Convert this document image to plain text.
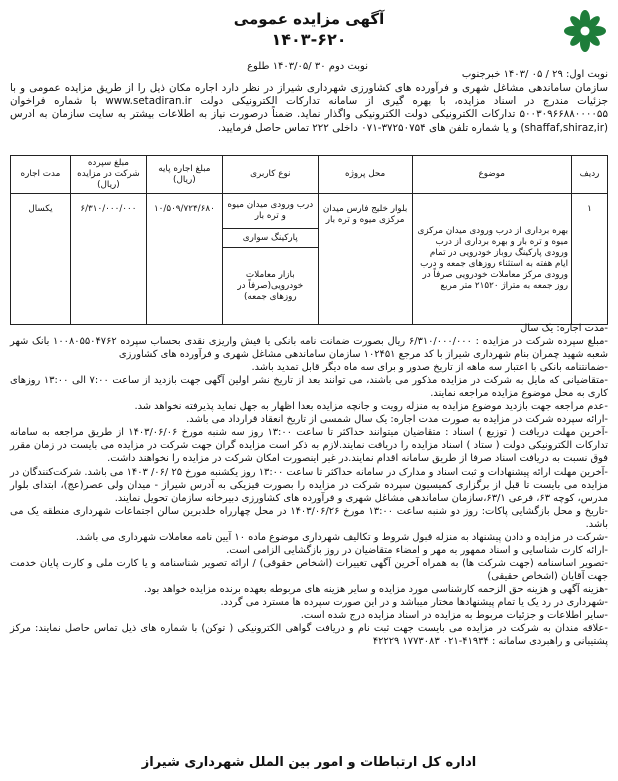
آگهی مزایده عمومی
۱۴۰۳-۶۲۰
نوبت اول: ۲۹ / ۰۵ /۱۴۰۳ خبرجنوب
نوبت دوم ۳۰ /۱۴۰۳/۰۵ طلوع
سازمان ساماندهی مشاغل شهری و فرآورده های کشاورزی شهرداری شیراز در نظر دارد اجاره مکان ذیل را از طریق مزایده عمومی و با جزئیات مندرج در اسناد مزایده، با بهره گیری از سامانه تدارکات الکترونیکی دولت www.setadiran.ir با شماره فراخوان ۵۰۰۳۰۹۶۶۸۸۰۰۰۰۵۵ تدارکات الکترونیکی دولت الکترونیکی واگذار نماید. ضمناً درصورت نیاز به اطلاعات بیشتر به سایت سازمان به ادرس (shaffaf,shiraz,ir) و یا شماره تلفن های ۳۷۲۵۰۷۵۴-۰۷۱ داخلی ۲۲۲ تماس حاصل فرمایید.
ردیف	موضوع	محل پروژه	نوع کاربری	مبلغ اجاره پایه (ریال)	مبلغ سپرده شرکت در مزایده (ریال)	مدت اجاره
۱	بهره برداری از درب ورودی میدان مرکزی میوه و تره بار و بهره برداری از درب ورودی پارکینگ روباز خودرویی در تمام ایام هفته به استثناء روزهای جمعه و درب ورودی مرکز معاملات خودرویی صرفاً در روز جمعه به متراژ ۲۱۵۲۰ متر مربع	بلوار خلیج فارس میدان مرکزی میوه و تره بار	درب ورودی میدان میوه و تره بار	۱۰/۵۰۹/۷۲۴/۶۸۰	۶/۳۱۰/۰۰۰/۰۰۰	یکسال
			پارکینگ سواری			
			بازار معاملات خودرویی(صرفاً در روزهای جمعه)			

-مدت اجاره: یک سال

-مبلغ سپرده شرکت در مزایده : ۶/۳۱۰/۰۰۰/۰۰۰ ریال بصورت ضمانت نامه بانکی یا فیش واریزی نقدی بحساب سپرده ۱۰۰۸۰۵۵۰۴۷۶۲ بانک شهر شعبه شهید چمران بنام شهرداری شیراز با کد مرجع ۱۰۲۴۵۱ سازمان ساماندهی مشاغل شهری و فرآورده های کشاورزی

-ضمانتنامه بانکی با اعتبار سه ماهه از تاریخ صدور و برای سه ماه دیگر قابل تمدید باشد.

-متقاضیانی که مایل به شرکت در مزایده مذکور می باشند، می توانند بعد از تاریخ نشر اولین آگهی جهت بازدید از ساعت ۷:۰۰ الی ۱۳:۰۰ روزهای کاری به محل موضوع مزایده مراجعه نمایند.

-عدم مراجعه جهت بازدید موضوع مزایده به منزله رویت و جانچه مزایده بعدا اظهار به جهل نماید پذیرفته نخواهد شد.

-ارائه سپرده شرکت در مزایده به صورت مدت اجاره: یک سال شمسی از تاریخ انعقاد قرارداد می باشد.

-آخرین مهلت دریافت ( توزیع ) اسناد : متقاضیان میتوانند حداکثر تا ساعت ۱۳:۰۰ روز سه شنبه مورخ ۱۴۰۳/۰۶/۰۶ از طریق مراجعه به سامانه تدارکات الکترونیکی دولت ( ستاد ) اسناد مزایده را دریافت نمایند.لازم به ذکر است مزایده گران جهت شرکت در مزایده می بایست در زمان مقرر فوق نسبت به دریافت اسناد صرفا از طریق سامانه اقدام نمایند.در غیر اینصورت امکان شرکت در مزایده را نخواهند داشت.

-آخرین مهلت ارائه پیشنهادات و ثبت اسناد و مدارک در سامانه حداکثر تا ساعت ۱۳:۰۰ روز یکشنبه مورخ ۲۵ /۰۶/ ۱۴۰۳ می باشد. شرکت‌کنندگان در مزایده می بایست تا قبل از برگزاری کمیسیون سپرده شرکت در مزایده را بصورت فیزیکی به آدرس شیراز - میدان ولی عصر(عج)، ابتدای بلوار مدرس، کوچه ۶۳، فرعی ۶۳/۱،سازمان ساماندهی مشاغل شهری و فرآورده های کشاورزی دبیرخانه سازمان تحویل نمایند.

-تاریخ و محل بازگشایی پاکات: روز دو شنبه ساعت ۱۳:۰۰ مورخ ۱۴۰۳/۰۶/۲۶ در محل چهارراه خلدبرین سالن اجتماعات شهرداری منطقه یک می باشد.

-شرکت در مزایده و دادن پیشنهاد به منزله قبول شروط و تکالیف شهرداری موضوع ماده ۱۰ آیین نامه معاملات شهرداری می باشد.

-ارائه کارت شناسایی و اسناد ممهور به مهر و امضاء متقاضیان در روز بازگشایی الزامی است.

-تصویر اساسنامه (جهت شرکت ها) به همراه آخرین آگهی تغییرات (اشخاص حقوقی) / ارائه تصویر شناسنامه و یا کارت ملی و کارت پایان خدمت جهت آقایان (اشخاص حقیقی)

-هزینه آگهی و هزینه حق الزحمه کارشناسی مورد مزایده و سایر هزینه های مربوطه بعهده برنده مزایده خواهد بود.

-شهرداری در رد یک یا تمام پیشنهادها مختار میباشد و در این صورت سپرده ها مسترد می گردد.

-سایر اطلاعات و جزئیات مربوط به مزایده در اسناد مزایده درج شده است.

-علاقه مندان به شرکت در مزایده می بایست جهت ثبت نام و دریافت گواهی الکترونیکی ( توکن) با شماره های ذیل تماس حاصل نمایند: مرکز پشتیبانی و راهبردی سامانه : ۴۱۹۳۴-۰۲۱ ۱۷۷۳۰۸۳ ۴۲۲۲۹

اداره کل ارتباطات و امور بین الملل شهرداری شیراز
